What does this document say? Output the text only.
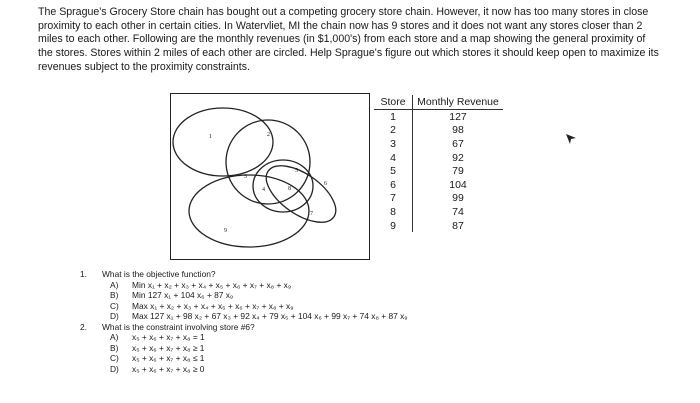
The Sprague's Grocery Store chain has bought out a competing grocery store chain. However, it now has too many stores in close proximity to each other in certain cities. In Watervliet, MI the chain now has 9 stores and it does not want any stores closer than 2 miles to each other. Following are the monthly revenues (in $1,000's) from each store and a map showing the general proximity of the stores. Stores within 2 miles of each other are circled. Help Sprague's figure out which stores it should keep open to maximize its revenues subject to the proximity constraints.
1	2
3
4
5
6
7
8
9
Store	Monthly Revenue
1	127
2	98
3	67
4	92
5	79
6	104
7	99
8	74
9	87
1.	What is the objective function?
A)	Min x₁ + x₂ + x₃ + x₄ + x₅ + x₆ + x₇ + x₈ + x₉
B)	Min 127 x₁ + 104 x₆ + 87 x₉
C)	Max x₁ + x₂ + x₃ + x₄ + x₅ + x₆ + x₇ + x₈ + x₉
D)	Max 127 x₁ + 98 x₂ + 67 x₃ + 92 x₄ + 79 x₅ + 104 x₆ + 99 x₇ + 74 x₈ + 87 x₉
2.	What is the constraint involving store #6?
A)	x₅ + x₆ + x₇ + x₈ = 1
B)	x₅ + x₆ + x₇ + x₈ ≥ 1
C)	x₅ + x₆ + x₇ + x₈ ≤ 1
D)	x₅ + x₆ + x₇ + x₈ ≥ 0
